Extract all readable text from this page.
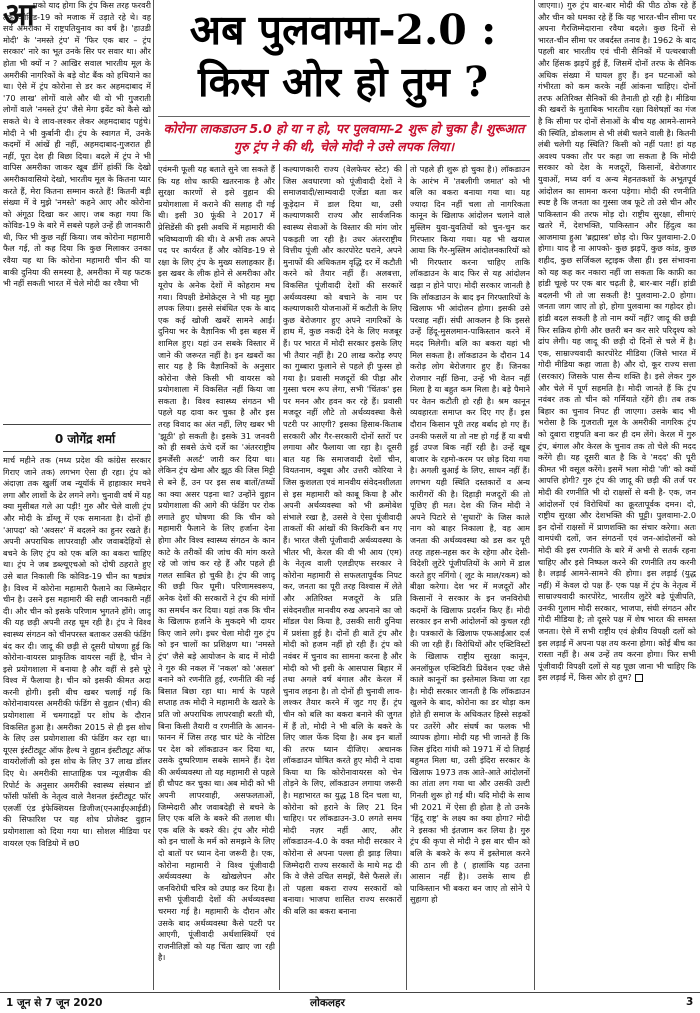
आ

पको याद होगा कि ट्रंप किस तरह फरवरी तक कोविड-19 को मजाक में उड़ाते रहे थे। वह सर्व अमरीका में राष्ट्रपतियुनाव का वर्ष है। 'हाउडी मोदी' के 'नमस्ते ट्रंप' में 'फिर एक बार – ट्रंप सरकार' नारे का भूत उनके सिर पर सवार था। और होता भी क्यों न ? आखिर सवाल भारतीय मूल के अमरीकी नागरिकों के बड़े वोट बैंक को हथियाने का था। ऐसे में ट्रंप कोरोना से डर कर अहमदाबाद में '70 लाख' लोगों वाले और थी वो भी गुजराती लोगों वाले 'नमस्ते ट्रंप' जैसे मेगा इवेंट को कैसे खो सकते थे। वे लाव-लश्कर लेकर अहमदाबाद पहुंचे। मोदी ने भी कुर्बानी दी। ट्रंप के स्वागत में, उनके कदमों में आंखें ही नहीं, अहमदाबाद-गुजरात ही नहीं, पूरा देश ही बिछा दिया। बदले में ट्रंप ने भी वापिस अमरीका जाकर खूब डींगें हांकीं कि देखो अमरीकावासियो देखो, भारतीय मूल के कितना प्यार करते हैं, मेरा कितना सम्मान करते हैं! कितनी बड़ी संख्या में वे मुझे 'नमस्ते' कहने आए और कोरोना को अंगूठा दिखा कर आए। जब कहा गया कि कोविड-19 के बारे में सबसे पहले उन्हें ही जानकारी थी, फिर भी कुछ नहीं किया। जब कोरोना महामारी फैल गई, तो कह दिया कि कुछ मिलाकर उनका रवैया यह था कि कोरोना महामारी चीन की या बाकी दुनिया की समस्या है, अमरीका में यह फटक भी नहीं सकती भारत में चेले मोदी का रवैया भी

0 जोगेंद्र शर्मा

मार्च महीने तक (मध्य प्रदेश की कांग्रेस सरकार गिराए जाने तक) लगभग ऐसा ही रहा। ट्रंप को अंदाज़ा तक खुलीं जब न्यूयॉर्क में हाहाकार मचने लगा और लाशों के ढेर लगने लगे। चुनावी वर्ष में यह क्या मुसीबत गले आ पड़ी! गुरु और चेले वाली ट्रंप और मोदी के डोंग्लू में एक समानता है। दोनों ही 'आपदा' को 'अवसर' में बदलने का हुनर रखते हैं। अपनी अपराधिक लापरवाही और जवाबदेहियों से बचने के लिए ट्रंप को एक बलि का बकरा चाहिए था। ट्रंप ने जब डब्ल्यूएचओ को दोषी ठहराते हुए उसे बात निकाली कि कोविड-19 चीन का षड्यंत्र है। विश्व में कोरोना महामारी फैलाने का जिम्मेदार चीन है। उसने इस महामारी की सही जानकारी नहीं दी। और चीन को इसके परिणाम भुगतने होंगे। जादू की यह छड़ी अपनी तरह घूम रही है। ट्रंप ने विश्व स्वास्थ्य संगठन को चीनपरस्त बताकर उसकी फंडिंग बंद कर दी। जादू की छड़ी से दूसरी घोषणा हुई कि कोरोना-वायरस प्राकृतिक वायरस नहीं है, चीन ने इसे प्रयोगशाला में बनाया है और वहीं से इसे पूरे विश्व में फैलाया है। चीन को इसकी कीमत अदा करनी होगी। इसी बीच खबर चलाई गई कि कोरोनावायरस अमरीकी फंडिंग से वुहान (चीन) की प्रयोगशाला में चमगादड़ों पर शोध के दौरान विकसित हुआ है। अमरीका 2015 से ही इस शोध के लिए उस प्रयोगशाला की फंडिंग कर रहा था। यूएस इंस्टीट्यूट ऑफ हैल्थ ने वुहान इंस्टीट्यूट ऑफ वायरोलॉजी को इस शोध के लिए 37 लाख डॉलर दिए थे। अमरीकी साप्ताहिक पत्र न्यूज़वीक की रिपोर्ट के अनुसार अमरीकी स्वास्थ्य संस्थान डॉ फॉसी फॉसी के नेतृत्व वाले नैशनल इंस्टीट्यूट फॉर एलर्जी एंड इंफेक्शियस डिजीज(एनआईएआईडी) की सिफारिश पर यह शोध प्रोजेक्ट वुहान प्रयोगशाला को दिया गया था। सोशल मीडिया पर वायरल एक विडियो में छ0

अब पुलवामा-2.0 :
किस ओर हो तुम ?
कोरोना लाकडाउन 5.0 हो या न हो, पर पुलवामा-2 शुरू हो चुका है। शुरूआत गुरु ट्रंप ने की थी, चेले मोदी ने उसे लपक लिया।

एवंमनी फूली यह बताते सुने जा सकते हैं कि यह शोध काफी खतरनाक है और सुरक्षा कारणों से इसे वुहान की प्रयोगशाला में कराने की सलाह दी गई थी। इसी 30 फूंकी ने 2017 में प्रेसिडेंसी की इसी अवधि में महामारी की भविष्यवाणी की थी। वे अभी तक अपने पद पर कार्यरत हैं और कोविड-19 से रक्षा के लिए ट्रंप के मुख्य सलाहकार हैं। इस खबर के लीक होने से अमरीका और यूरोप के अनेक देशों में कोहराम मच गया। विपक्षी डेमोक्रेट्स ने भी यह मुद्दा लपक लिया। इससे संबंधित एक के बाद एक कई खोजी खबरें सामने आईं। दुनिया भर के वैज्ञानिक भी इस बहस में शामिल हुए। यहां उन सबके विस्तार में जाने की जरूरत नहीं है। इन खबरों का सार यह है कि वैज्ञानिकों के अनुसार कोरोना जैसे किसी भी वायरस को प्रयोगशाला में विकसित नहीं किया जा सकता है। विश्व स्वास्थ्य संगठन भी पहले यह दावा कर चुका है और इस तरह विवाद का अंत नहीं, लिए खबर भी 'झूठी' हो सकती है। इसके 31 जनवरी को ही सबसे ऊंचे दर्जे का 'अंतरराष्ट्रीय इमर्जेंसी अलर्ट' जारी कर दिया था। लेकिन ट्रंप खेमा और झूठ की जिस मिट्टी से बने हैं, उन पर इस सब बातों/तथ्यों का क्या असर पड़ना था? उन्होंने वुहान प्रयोगशाला की आगे की फंडिंग पर रोक लगाते हुए घोषणा की कि चीन को महामारी फैलाने के लिए हर्जाना देना होगा और विश्व स्वास्थ्य संगठन के कान काटे के तरीकों की जांच की मांग करते रहे जो जांच कर रहे हैं और पहले ही गलत साबित हो चुकी है। ट्रंप की जादू की छड़ी फिर घूमी। परिणामस्वरूप, अनेक देशों की सरकारों ने ट्रंप की मांगों का समर्थन कर दिया। यहां तक कि चीन के खिलाफ हर्जाने के मुकदमे भी दायर किए जाने लगे। इधर चेला मोदी गुरु ट्रंप को इन चालों का प्रशिक्षण था। 'नमस्ते ट्रंप' जैसे बड़े आयोजन के बाद में मोदी ने गुरु की नकल में 'नकल' को 'असल' बनाने को रणनीति हुई, रणनीति की नई बिसात बिछा रहा था। मार्च के पहले सप्ताह तक मोदी ने महामारी के खतरे के प्रति जो अपराधिक लापरवाही बरती थी, बिना किसी तैयारी व रणनीति के आनन-फानन में जिस तरह चार घंटे के नोटिस पर देश को लॉकडाउन कर दिया था, उसके दुष्परिणाम सबके सामने हैं। देश की अर्थव्यवस्था तो यह महामारी से पहले ही चौपट कर चुका था। अब मोदी को भी अपनी लापरवाही, असफलताओं, जिम्मेदारी और जवाबदेही से बचने के लिए एक बलि के बकरे की तलाश थी। एक बलि के बकरे की। ट्रंप और मोदी को इन चालों के मर्म को समझने के लिए दो बातों पर ध्यान देना जरूरी है। एक, कोरोना महामारी ने विश्व पूंजीवादी अर्थव्यवस्था के खोखलेपन और जनविरोधी चरित्र को उघाड़ कर दिया है। सभी पूंजीवादी देशों की अर्थव्यवस्था चरमरा गई है। महामारी के दौरान और उसके बाद अर्थव्यवस्था कैसे पटरी पर आएगी, पूंजीवादी अर्थशास्त्रियों एवं राजनीतिज्ञों को यह चिंता खाए जा रही है।

कल्याणकारी राज्य (वेलफेयर स्टेट) की जिस अवधारणा को पूंजीवादी देशों ने समाजवादी/साम्यवादी एजेंडा बता कर कूड़ेदान में डाल दिया था, उसी कल्याणकारी राज्य और सार्वजनिक स्वास्थ्य सेवाओं के विस्तार की मांग जोर पकड़ती जा रही है। उधर अंतरराष्ट्रीय वित्तीय पूंजी और कारपोरेट घराने, अपने मुनाफों की अधिकतम वृद्धि दर में कटौती करने को तैयार नहीं हैं। अलबत्ता, विकसित पूंजीवादी देशों की सरकारें अर्थव्यवस्था को बचाने के नाम पर कल्याणकारी योजनाओं में कटौती के लिए कुछ बेरोजगार हुए अपने नागरिकों के हाथ में, कुछ नकदी देने के लिए मजबूर हैं। पर भारत में मोदी सरकार इसके लिए भी तैयार नहीं है। 20 लाख करोड़ रुपए का गुब्बारा फुलाने से पहले ही फुस्स हो गया है। प्रवासी मजदूरों की पीड़ा और गुस्सा चरम रूप लेगा, सभी 'चिंतक' इस पर मनन और हवन कर रहे हैं। प्रवासी मजदूर नहीं लौटे तो अर्थव्यवस्था कैसे पटरी पर आएगी? इसका हिसाब-किताब सरकारी और गैर-सरकारी दोनों स्तरों पर लगाया और फैलाया जा रहा है। दूसरी बात यह कि समाजवादी देशों चीन, वियतनाम, क्यूबा और उत्तरी कोरिया ने जिस कुशलता एवं मानवीय संवेदनशीलता से इस महामारी को काबू किया है और अपनी अर्थव्यवस्था को भी क्रमोबेश संभाले रखा है, उससे वे ऐसा पूंजीवादी ताकतों की आंखों की किरकिरी बन गए हैं। भारत जैसी पूंजीवादी अर्थव्यवस्था के भीतर भी, केरल की वी भी आय (एम) के नेतृत्व वाली एलडीएफ सरकार ने कोरोना महामारी से सफलतापूर्वक निपट कर, जनता का पूरी तरह विश्वास में लेते और अतिरिक्त मजदूरों के प्रति संवेदनशील मानवीय रुख अपनाने का जो मॉडल पेश किया है, उसकी सारी दुनिया में प्रशंसा हुई है। दोनों ही बातें ट्रंप और मोदी को हजम नहीं हो रही हैं। ट्रंप को नवंबर में चुनाव का सामना करना है और मोदी को भी इसी के आसपास बिहार में तथा अगले वर्ष बंगाल और केरल में चुनाव लड़ना है। तो दोनों ही चुनावी लाव-लश्कर तैयार करने में जुट गए हैं। ट्रंप चीन को बलि का बकरा बनाने की जुगत में हैं तो, मोदी ने भी बलि के बकरे के लिए जाल फेंक दिया है। अब इन बातों की तरफ ध्यान दीजिए। अचानक लॉकडाउन घोषित करते हुए मोदी ने दावा किया था कि कोरोनावायरस को चेन तोड़ने के लिए, लॉकडाउन लगाया जरूरी है। महाभारत का युद्ध 18 दिन चला था, कोरोना को हराने के लिए 21 दिन चाहिए। पर लॉकडाउन-3.0 लगते समय मोदी नज़र नहीं आए, और लॉकडाउन-4.0 के वक्त मोदी सरकार ने कोरोना से अपना पल्ला ही झाड़ लिया। जिम्मेदारी राज्य सरकारों के माथे मढ़ दी कि वे जैसे उचित समझें, वैसे फैसले लें। तो पहला बकरा राज्य सरकारों को बनाया। भाजपा शासित राज्य सरकारों की बलि का बकरा बनाना

तो पहले ही शुरू हो चुका है।) लॉकडाउन के आरंभ में 'तबलीगी जमात' को भी बलि का बकरा बनाया गया था। यह ज्यादा दिन नहीं चला तो नागरिकता कानून के खिलाफ आंदोलन चलाने वाले मुस्लिम युवा-युवतियों को चुन-चुन कर गिरफ्तार किया गया। यह भी खयाल आया कि गैर-मुस्लिम आंदोलनकारियों को भी गिरफ्तार करना चाहिए ताकि लॉकडाउन के बाद फिर से यह आंदोलन खड़ा न होने पाए। मोदी सरकार जानती है कि लॉकडाउन के बाद इन गिरफ्तारियों के खिलाफ भी आंदोलन होगा। इसकी उसे परवाह नहीं। संघी आकलन है कि इससे उन्हें हिंदू-मुसलमान-पाकिस्तान करने में मदद मिलेगी। बलि का बकरा यहां भी मिल सकता है। लॉकडाउन के दौरान 14 करोड़ लोग बेरोजगार हुए हैं। जिनका रोजगार नहीं छिना, उन्हें भी वेतन नहीं मिला है या बहुत कम मिला है। बड़े पैमाने पर वेतन कटौती हो रही है। श्रम कानून व्यवहारतः समाप्त कर दिए गए हैं। इस दौरान किसान पूरी तरह बर्बाद हो गए हैं। उनकी फसलें या तो नष्ट हो गई हैं या बची हुई उपज बिक नहीं रही है। उन्हें खूब बाजार के रहमो-करम पर छोड़ दिया गया है। अगली बुआई के लिए, साधन नहीं हैं। लगभग यही स्थिति दस्तकारों व अन्य कारीगरों की है। दिहाड़ी मजदूरों की तो पूछिए ही मत। देश की जिन मोदी ने अपने पिटारे से 'सुधारों' के जिस काले नाग को बाहर निकाला है, वह आम जनता की अर्थव्यवस्था को डस कर पूरी तरह तहस-नहस कर के रहेगा और देसी-विदेशी लुटेरे पूंजीपतियों के आगे में डाल करते हुए नगिंगो ( लूट के माल/रकम) को बीक्षा करेगा। देश भर में मजदूरों और किसानों ने सरकार के इन जनविरोधी कदमों के खिलाफ प्रदर्शन किए हैं। मोदी सरकार इन सभी आंदोलनों को कुचल रही है। पत्रकारों के खिलाफ एफआईआर दर्ज की जा रही हैं। विरोधियों और एक्टिविस्टों के खिलाफ राष्ट्रीय सुरक्षा कानून, अनलॉफुल एक्टिविटी प्रिवेंशन एक्ट जैसे काले कानूनों का इस्तेमाल किया जा रहा है। मोदी सरकार जानती है कि लॉकडाउन खुलने के बाद, कोरोना का डर थोड़ा कम होते ही समाज के अधिकतर हिस्से सड़कों पर उतरेंगे और संघर्ष का फलक भी व्यापक होगा। मोदी यह भी जानते हैं कि जिस इंदिरा गांधी को 1971 में दो तिहाई बहुमत मिला था, उसी इंदिरा सरकार के खिलाफ 1973 तक आते-आते आंदोलनों का तांता लग गया था और उसकी उल्टी गिनती शुरू हो गई थी। यदि मोदी के साथ भी 2021 में ऐसा ही होता है तो उनके 'हिंदू राष्ट्र' के लक्ष्य का क्या होगा? मोदी ने इसका भी इंतजाम कर लिया है। गुरु ट्रंप की कृपा से मोदी ने इस बार चीन को बलि के बकरे के रूप में इस्तेमाल करने की ठान ली है ( हालांकि यह उतना आसान नहीं है)। उसके साथ ही पाकिस्तान भी बकरा बन जाए तो सोने पे सुहागा हो

जाएगा।) गुरु ट्रंप बार-बार मोदी की पीठ ठोक रहे हैं और चीन को धमका रहे हैं कि यह भारत-चीन सीमा पर अपना गैरजिम्मेदाराना रवैया बदले। कुछ दिनों से भारत-चीन सीमा पर जबर्दस्त तनाव है। 1962 के बाद पहली बार भारतीय एवं चीनी सैनिकों में पत्थरबाजी और हिंसक झड़पें हुई हैं, जिसमें दोनों तरफ के सैनिक अधिक संख्या में घायल हुए हैं। इन घटनाओं को गंभीरता को कम करके नहीं आंकना चाहिए। दोनों तरफ अतिरिक्त सैनिकों की तैनाती हो रही है। मीडिया की खबरों के मुताबिक भारतीय रक्षा विशेषज्ञों का गंज है कि सीमा पर दोनों सेनाओं के बीच यह आमने-सामने की स्थिति, डोकलाम से भी लंबी चलने वाली है। कितनी लंबी चलेगी यह स्थिति? किसी को नहीं पता! हां यह अवश्य पक्का तौर पर कहा जा सकता है कि मोदी सरकार को देश के मजदूरों, किसानों, बेरोजगार युवाओं, मध्य वर्ग व अन्य मेहनतकशों के अभूतपूर्व आंदोलन का सामना करना पड़ेगा। मोदी की रणनीति स्पष्ट है कि जनता का गुस्सा जब फूटे तो उसे चीन और पाकिस्तान की तरफ मोड़ दो। राष्ट्रीय सुरक्षा, सीमाएं खतरे में, देशभक्ति, पाकिस्तान और हिंदुत्व का आजमाया हुआ 'ब्रह्मास्त्र' छोड़ दो। फिर पुलवामा-2.0 होगा। याद है ना आपको- कुछ झड़पें, कुछ कांड, कुछ शहीद, कुछ सर्जिकल स्ट्राइक जैसा ही। इस संभावना को यह कह कर नकारा नहीं जा सकता कि काफ़ी का हांडी चूल्हे पर एक बार चढ़ती है, बार-बार नहीं। हांडी बदलनी भी तो जा सकती है! पुलवामा-2.0 होगा। जनता जाग जाए तो हो, होगा पुलवामा का गहोदर हो। हांडी बदल सकती है तो नाम क्यों नहीं? जादू की छड़ी फिर सक्रिय होगी और छतरी बन कर सारे परिदृश्य को ढांप लेगी। यह जादू की छड़ी दो दिनों से चले में है। एक, साम्राज्यवादी कारपोरेट मीडिया (जिसे भारत में गोदी मीडिया कहा जाता है) और दो, कूर राज्य सत्ता (सरकार) जिसके पास सैन्य शक्ति है। इसे लेकर गुरु और चेले में पूर्ण सहमति है। मोदी जानते हैं कि ट्रंप नवंबर तक तो चीन को गर्मियाते रहेंगे ही। तब तक बिहार का चुनाव निपट ही जाएगा। उसके बाद भी भरोसा है कि गुजराती मूल के अमरीकी नागरिक ट्रंप को दुबारा राष्ट्रपति बना कर ही दम लेंगे। केरल में गुरु ट्रंप, बंगाल और केरल के चुनाव तक तो चेले की मदद करेंगे ही। यह दूसरी बात है कि वे 'मदद' की पूरी कीमत भी वसूल करेंगे। इसमें भला मोदी 'जी' को क्यों आपत्ति होगी? गुरु ट्रंप की जादू की छड़ी की तर्ज पर मोदी की रणनीति भी दो राक्षसों से बनी है- एक, जन आंदोलनों एवं विरोधियों का क्रूरतापूर्वक दमन। दो, राष्ट्रीय सुरक्षा और देशभक्ति की घुट्टी। पुलवामा-2.0 इन दोनों राक्षसों में प्राणशक्ति का संचार करेगा। अतः वामपंथी दलों, जन संगठनों एवं जन-आंदोलनों को मोदी की इस रणनीति के बारे में अभी से सतर्क रहना चाहिए और इसे निष्फल करने की रणनीति तय करनी है। लड़ाई आमने-सामने की होगा। इस लड़ाई (युद्ध नहीं) में केवल दो पक्ष हैं- एक पक्ष में ट्रंप के नेतृत्व में साम्राज्यवादी कारपोरेट, भारतीय लुटेरे बड़े पूंजीपति, उनकी गुलाम मोदी सरकार, भाजपा, संघी संगठन और गोदी मीडिया है; तो दूसरे पक्ष में शेष भारत की समस्त जनता। ऐसे में सभी राष्ट्रीय एवं क्षेत्रीय विपक्षी दलों को इस लड़ाई में अपना पक्ष तय करना होगा। कोई बीच का रास्ता नहीं है। अब उन्हें तय करना होगा। फिर सभी पूंजीवादी विपक्षी दलों से यह पूछा जाना भी चाहिए कि इस लड़ाई में, किस ओर हो तुम?

1 जून से 7 जून 2020	लोकलहर	3
